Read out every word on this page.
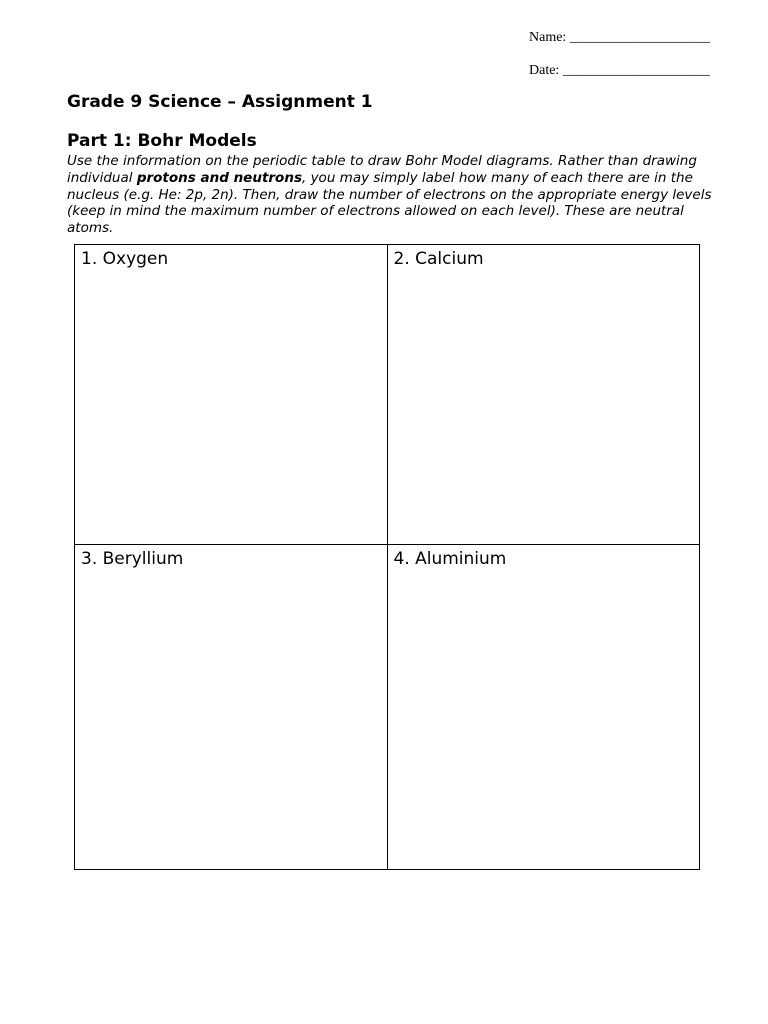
Name: ____________________
Date: _____________________
Grade 9 Science – Assignment 1
Part 1: Bohr Models

Use the information on the periodic table to draw Bohr Model diagrams. Rather than drawing individual protons and neutrons, you may simply label how many of each there are in the nucleus (e.g. He: 2p, 2n). Then, draw the number of electrons on the appropriate energy levels (keep in mind the maximum number of electrons allowed on each level). These are neutral atoms.

1. Oxygen	2. Calcium
3. Beryllium	4. Aluminium
